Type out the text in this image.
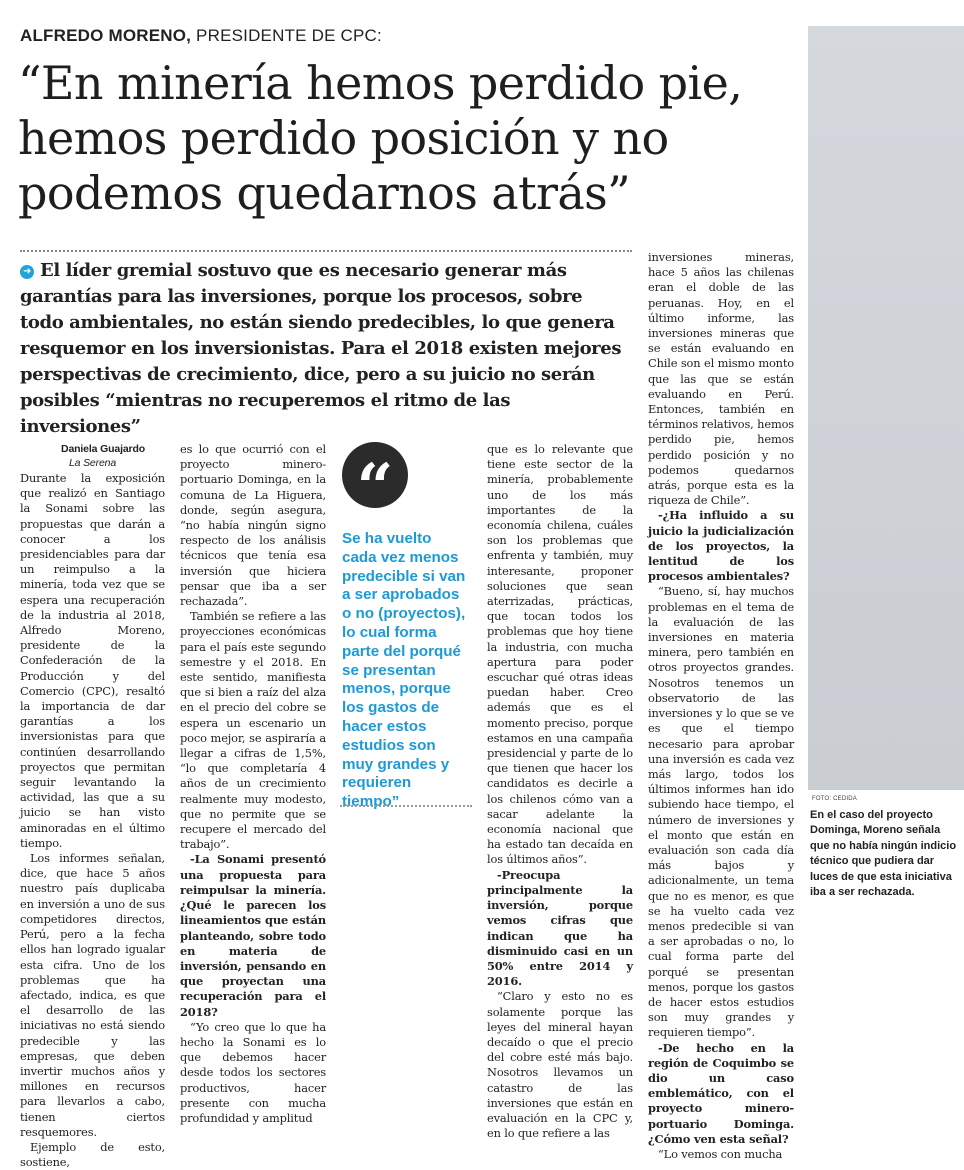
ALFREDO MORENO, PRESIDENTE DE CPC:
“En minería hemos perdido pie, hemos perdido posición y no podemos quedarnos atrás”
➜ El líder gremial sostuvo que es necesario generar más garantías para las inversiones, porque los procesos, sobre todo ambientales, no están siendo predecibles, lo que genera resquemor en los inversionistas. Para el 2018 existen mejores perspectivas de crecimiento, dice, pero a su juicio no serán posibles “mientras no recuperemos el ritmo de las inversiones”
Daniela Guajardo
La Serena

Durante la exposición que realizó en Santiago la Sonami sobre las propuestas que darán a conocer a los presidenciables para dar un reimpulso a la minería, toda vez que se espera una recuperación de la industria al 2018, Alfredo Moreno, presidente de la Confederación de la Producción y del Comercio (CPC), resaltó la importancia de dar garantías a los inversionistas para que continúen desarrollando proyectos que permitan seguir levantando la actividad, las que a su juicio se han visto aminoradas en el último tiempo.

Los informes señalan, dice, que hace 5 años nuestro país duplicaba en inversión a uno de sus competidores directos, Perú, pero a la fecha ellos han logrado igualar esta cifra. Uno de los problemas que ha afectado, indica, es que el desarrollo de las iniciativas no está siendo predecible y las empresas, que deben invertir muchos años y millones en recursos para llevarlos a cabo, tienen ciertos resquemores.

Ejemplo de esto, sostiene,

es lo que ocurrió con el proyecto minero-portuario Dominga, en la comuna de La Higuera, donde, según asegura, “no había ningún signo respecto de los análisis técnicos que tenía esa inversión que hiciera pensar que iba a ser rechazada”.

También se refiere a las proyecciones económicas para el país este segundo semestre y el 2018. En este sentido, manifiesta que si bien a raíz del alza en el precio del cobre se espera un escenario un poco mejor, se aspiraría a llegar a cifras de 1,5%, “lo que completaría 4 años de un crecimiento realmente muy modesto, que no permite que se recupere el mercado del trabajo”.

-La Sonami presentó una propuesta para reimpulsar la minería. ¿Qué le parecen los lineamientos que están planteando, sobre todo en materia de inversión, pensando en que proyectan una recuperación para el 2018?

“Yo creo que lo que ha hecho la Sonami es lo que debemos hacer desde todos los sectores productivos, hacer presente con mucha profundidad y amplitud

“
Se ha vuelto cada vez menos predecible si van a ser aprobados o no (proyectos), lo cual forma parte del porqué se presentan menos, porque los gastos de hacer estos estudios son muy grandes y requieren tiempo”

que es lo relevante que tiene este sector de la minería, probablemente uno de los más importantes de la economía chilena, cuáles son los problemas que enfrenta y también, muy interesante, proponer soluciones que sean aterrizadas, prácticas, que tocan todos los problemas que hoy tiene la industria, con mucha apertura para poder escuchar qué otras ideas puedan haber. Creo además que es el momento preciso, porque estamos en una campaña presidencial y parte de lo que tienen que hacer los candidatos es decirle a los chilenos cómo van a sacar adelante la economía nacional que ha estado tan decaída en los últimos años”.

-Preocupa principalmente la inversión, porque vemos cifras que indican que ha disminuido casi en un 50% entre 2014 y 2016.

“Claro y esto no es solamente porque las leyes del mineral hayan decaído o que el precio del cobre esté más bajo. Nosotros llevamos un catastro de las inversiones que están en evaluación en la CPC y, en lo que refiere a las

inversiones mineras, hace 5 años las chilenas eran el doble de las peruanas. Hoy, en el último informe, las inversiones mineras que se están evaluando en Chile son el mismo monto que las que se están evaluando en Perú. Entonces, también en términos relativos, hemos perdido pie, hemos perdido posición y no podemos quedarnos atrás, porque esta es la riqueza de Chile”.

-¿Ha influido a su juicio la judicialización de los proyectos, la lentitud de los procesos ambientales?

“Bueno, sí, hay muchos problemas en el tema de la evaluación de las inversiones en materia minera, pero también en otros proyectos grandes. Nosotros tenemos un observatorio de las inversiones y lo que se ve es que el tiempo necesario para aprobar una inversión es cada vez más largo, todos los últimos informes han ido subiendo hace tiempo, el número de inversiones y el monto que están en evaluación son cada día más bajos y adicionalmente, un tema que no es menor, es que se ha vuelto cada vez menos predecible si van a ser aprobadas o no, lo cual forma parte del porqué se presentan menos, porque los gastos de hacer estos estudios son muy grandes y requieren tiempo”.

-De hecho en la región de Coquimbo se dio un caso emblemático, con el proyecto minero-portuario Dominga. ¿Cómo ven esta señal?

“Lo vemos con mucha

FOTO: CEDIDA
En el caso del proyecto Dominga, Moreno señala que no había ningún indicio técnico que pudiera dar luces de que esta iniciativa iba a ser rechazada.
